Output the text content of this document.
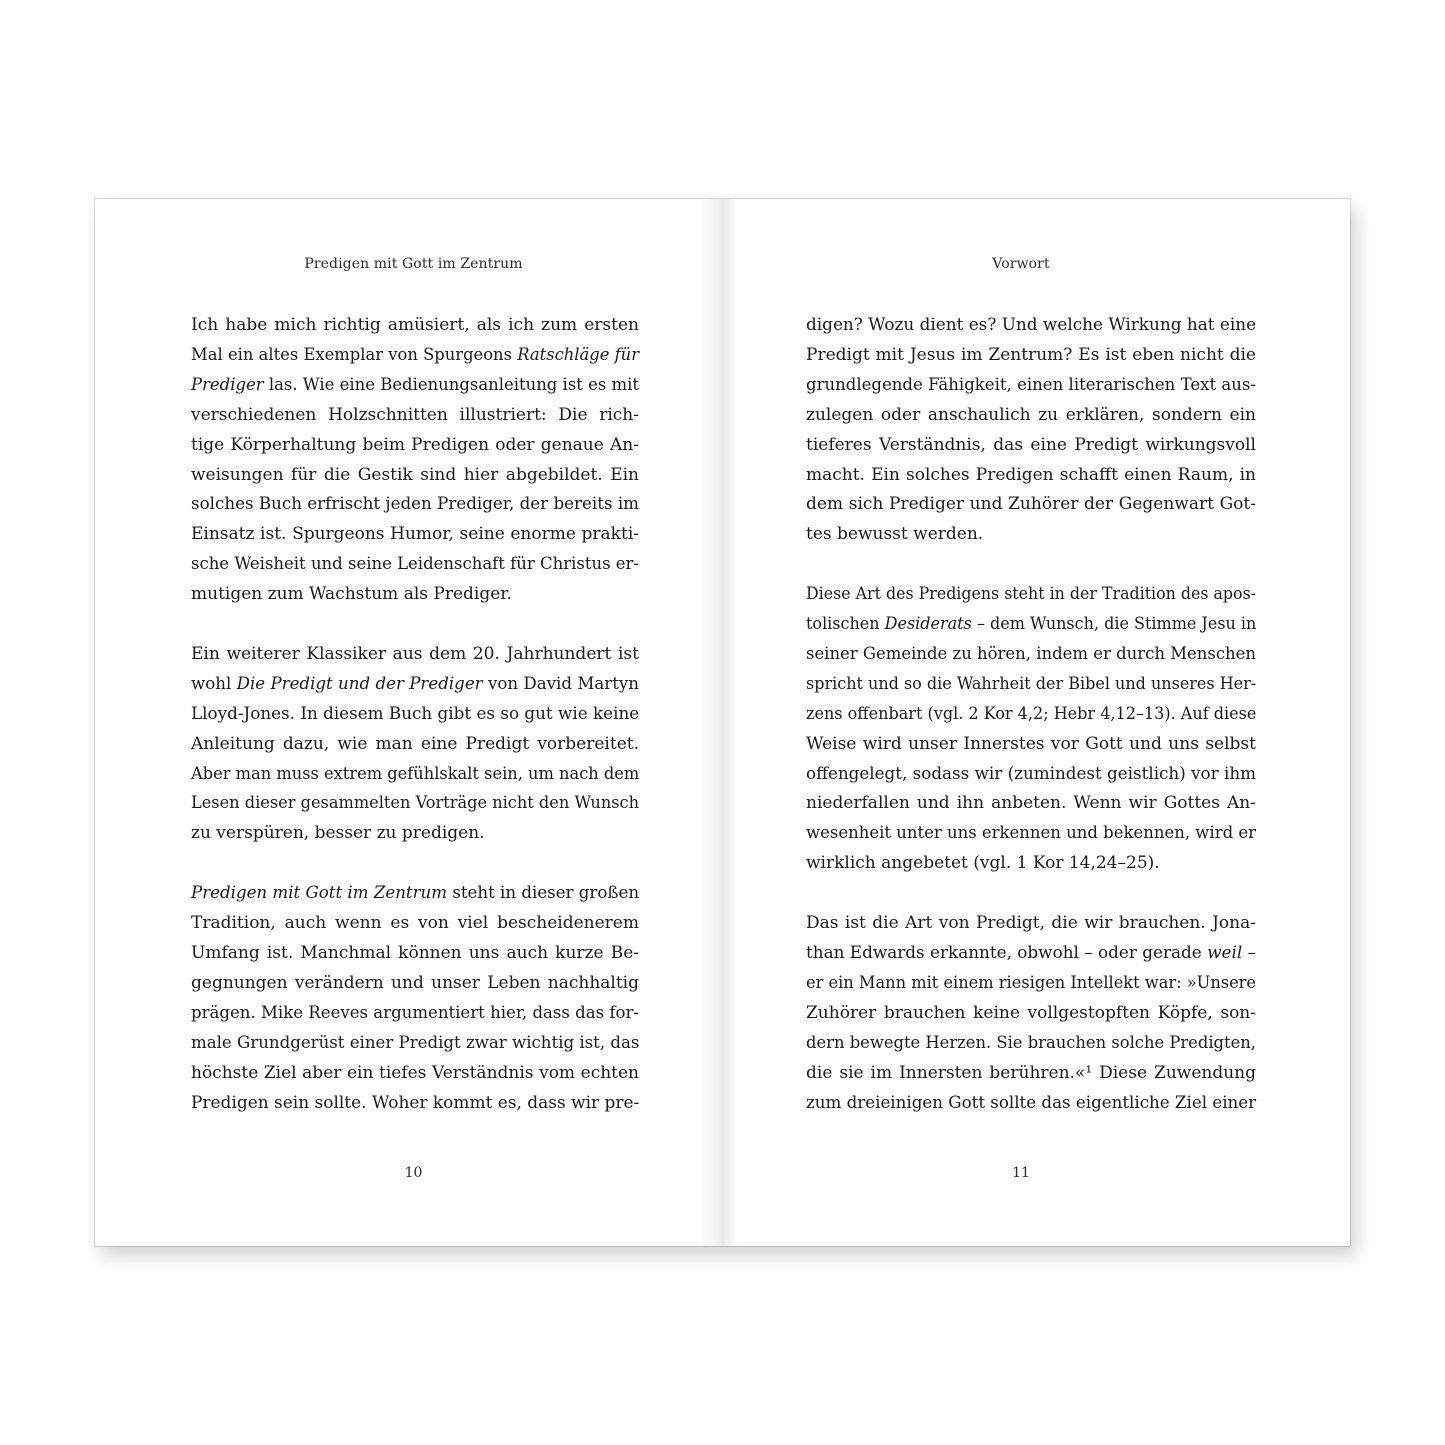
Predigen mit Gott im Zentrum

Ich habe mich richtig amüsiert, als ich zum ersten
Mal ein altes Exemplar von Spurgeons Ratschläge für
Prediger las. Wie eine Bedienungsanleitung ist es mit
verschiedenen Holzschnitten illustriert: Die rich-
tige Körperhaltung beim Predigen oder genaue An-
weisungen für die Gestik sind hier abgebildet. Ein
solches Buch erfrischt jeden Prediger, der bereits im
Einsatz ist. Spurgeons Humor, seine enorme prakti-
sche Weisheit und seine Leidenschaft für Christus er-
mutigen zum Wachstum als Prediger.

Ein weiterer Klassiker aus dem 20. Jahrhundert ist
wohl Die Predigt und der Prediger von David Martyn
Lloyd-Jones. In diesem Buch gibt es so gut wie keine
Anleitung dazu, wie man eine Predigt vorbereitet.
Aber man muss extrem gefühlskalt sein, um nach dem
Lesen dieser gesammelten Vorträge nicht den Wunsch
zu verspüren, besser zu predigen.

Predigen mit Gott im Zentrum steht in dieser großen
Tradition, auch wenn es von viel bescheidenerem
Umfang ist. Manchmal können uns auch kurze Be-
gegnungen verändern und unser Leben nachhaltig
prägen. Mike Reeves argumentiert hier, dass das for-
male Grundgerüst einer Predigt zwar wichtig ist, das
höchste Ziel aber ein tiefes Verständnis vom echten
Predigen sein sollte. Woher kommt es, dass wir pre-

10
Vorwort

digen? Wozu dient es? Und welche Wirkung hat eine
Predigt mit Jesus im Zentrum? Es ist eben nicht die
grundlegende Fähigkeit, einen literarischen Text aus-
zulegen oder anschaulich zu erklären, sondern ein
tieferes Verständnis, das eine Predigt wirkungsvoll
macht. Ein solches Predigen schafft einen Raum, in
dem sich Prediger und Zuhörer der Gegenwart Got-
tes bewusst werden.

Diese Art des Predigens steht in der Tradition des apos-
tolischen Desiderats – dem Wunsch, die Stimme Jesu in
seiner Gemeinde zu hören, indem er durch Menschen
spricht und so die Wahrheit der Bibel und unseres Her-
zens offenbart (vgl. 2 Kor 4,2; Hebr 4,12–13). Auf diese
Weise wird unser Innerstes vor Gott und uns selbst
offengelegt, sodass wir (zumindest geistlich) vor ihm
niederfallen und ihn anbeten. Wenn wir Gottes An-
wesenheit unter uns erkennen und bekennen, wird er
wirklich angebetet (vgl. 1 Kor 14,24–25).

Das ist die Art von Predigt, die wir brauchen. Jona-
than Edwards erkannte, obwohl – oder gerade weil –
er ein Mann mit einem riesigen Intellekt war: »Unsere
Zuhörer brauchen keine vollgestopften Köpfe, son-
dern bewegte Herzen. Sie brauchen solche Predigten,
die sie im Innersten berühren.«¹ Diese Zuwendung
zum dreieinigen Gott sollte das eigentliche Ziel einer

11
